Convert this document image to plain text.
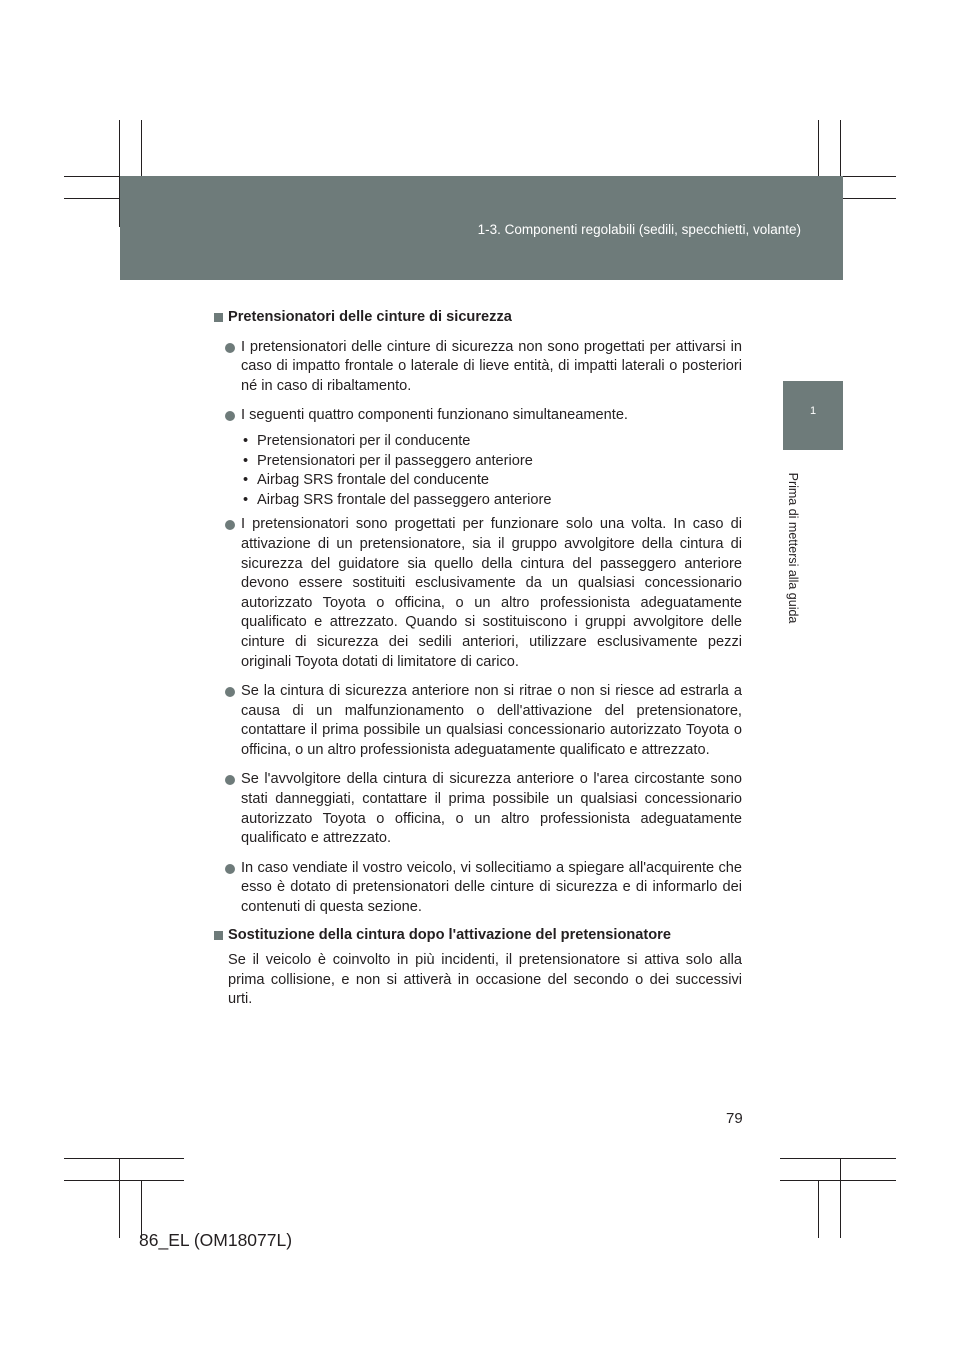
1-3. Componenti regolabili (sedili, specchietti, volante)
1
Prima di mettersi alla guida
Pretensionatori delle cinture di sicurezza
I pretensionatori delle cinture di sicurezza non sono progettati per attivarsi in caso di impatto frontale o laterale di lieve entità, di impatti laterali o posteriori né in caso di ribaltamento.
I seguenti quattro componenti funzionano simultaneamente.
• Pretensionatori per il conducente
• Pretensionatori per il passeggero anteriore
• Airbag SRS frontale del conducente
• Airbag SRS frontale del passeggero anteriore
I pretensionatori sono progettati per funzionare solo una volta. In caso di attivazione di un pretensionatore, sia il gruppo avvolgitore della cintura di sicurezza del guidatore sia quello della cintura del passeggero anteriore devono essere sostituiti esclusivamente da un qualsiasi concessionario autorizzato Toyota o officina, o un altro professionista adeguatamente qualificato e attrezzato. Quando si sostituiscono i gruppi avvolgitore delle cinture di sicurezza dei sedili anteriori, utilizzare esclusivamente pezzi originali Toyota dotati di limitatore di carico.
Se la cintura di sicurezza anteriore non si ritrae o non si riesce ad estrarla a causa di un malfunzionamento o dell'attivazione del pretensionatore, contattare il prima possibile un qualsiasi concessionario autorizzato Toyota o officina, o un altro professionista adeguatamente qualificato e attrezzato.
Se l'avvolgitore della cintura di sicurezza anteriore o l'area circostante sono stati danneggiati, contattare il prima possibile un qualsiasi concessionario autorizzato Toyota o officina, o un altro professionista adeguatamente qualificato e attrezzato.
In caso vendiate il vostro veicolo, vi sollecitiamo a spiegare all'acquirente che esso è dotato di pretensionatori delle cinture di sicurezza e di informarlo dei contenuti di questa sezione.
Sostituzione della cintura dopo l'attivazione del pretensionatore
Se il veicolo è coinvolto in più incidenti, il pretensionatore si attiva solo alla prima collisione, e non si attiverà in occasione del secondo o dei successivi urti.
79
86_EL (OM18077L)
